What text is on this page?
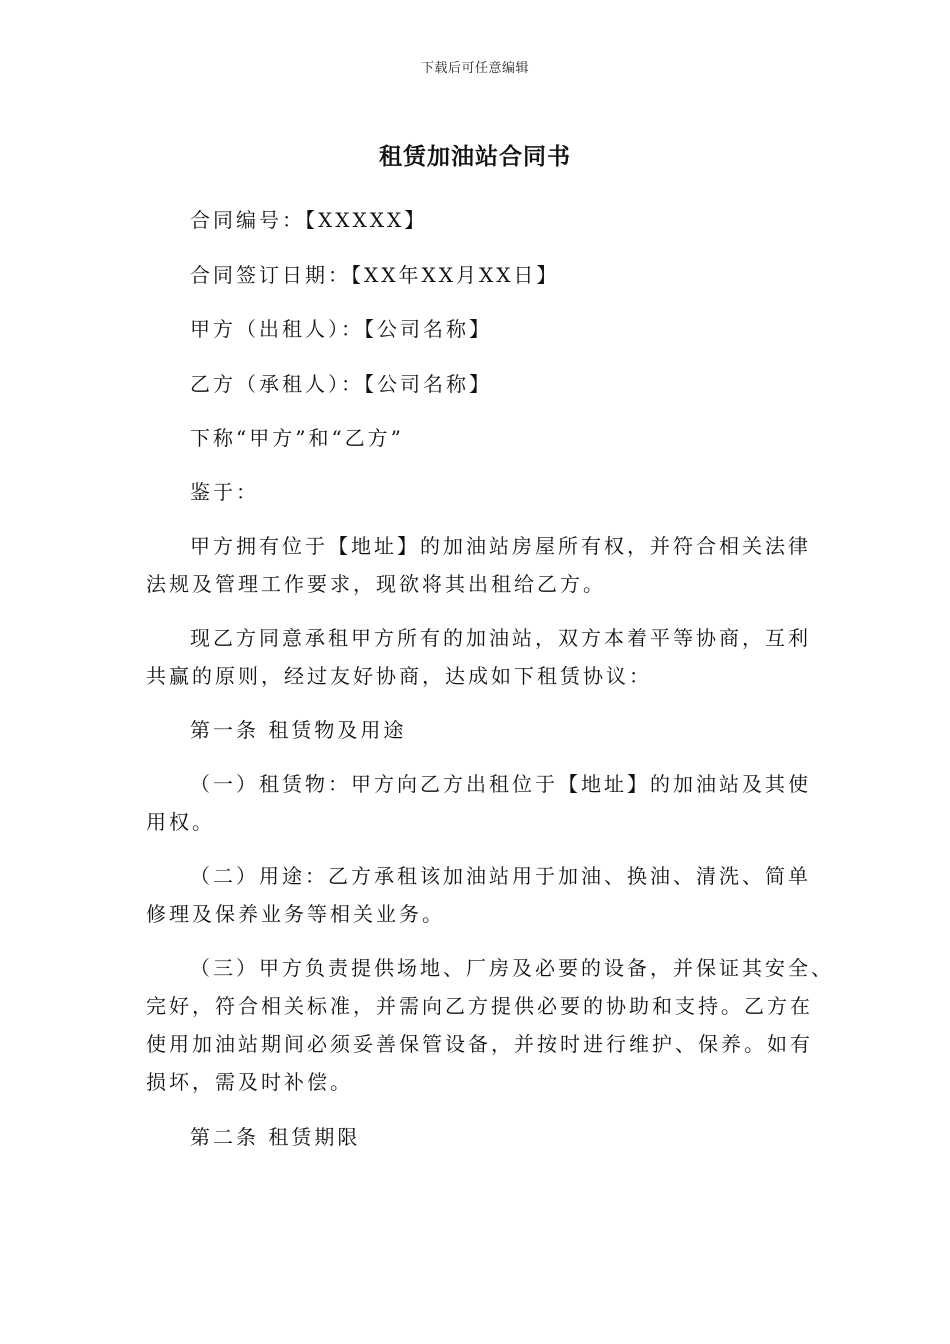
下载后可任意编辑
租赁加油站合同书
合同编号：【XXXXX】
合同签订日期：【XX年XX月XX日】
甲方（出租人）：【公司名称】
乙方（承租人）：【公司名称】
下称“甲方”和“乙方”
鉴于：
甲方拥有位于【地址】的加油站房屋所有权，并符合相关法律
法规及管理工作要求，现欲将其出租给乙方。
现乙方同意承租甲方所有的加油站，双方本着平等协商，互利
共赢的原则，经过友好协商，达成如下租赁协议：
第一条 租赁物及用途
（一）租赁物：甲方向乙方出租位于【地址】的加油站及其使
用权。
（二）用途：乙方承租该加油站用于加油、换油、清洗、简单
修理及保养业务等相关业务。
（三）甲方负责提供场地、厂房及必要的设备，并保证其安全、
完好，符合相关标准，并需向乙方提供必要的协助和支持。乙方在
使用加油站期间必须妥善保管设备，并按时进行维护、保养。如有
损坏，需及时补偿。
第二条 租赁期限
